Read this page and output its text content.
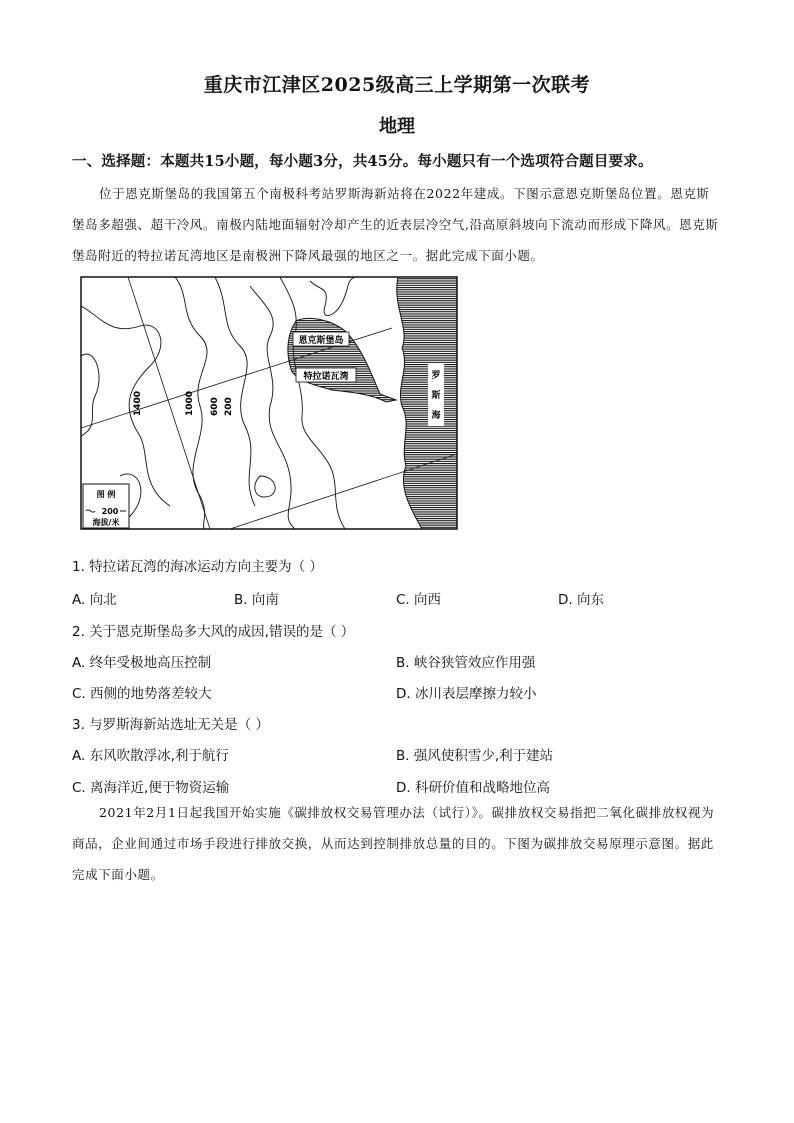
重庆市江津区2025级高三上学期第一次联考
地理
一、选择题：本题共15小题，每小题3分，共45分。每小题只有一个选项符合题目要求。
位于恩克斯堡岛的我国第五个南极科考站罗斯海新站将在2022年建成。下图示意恩克斯堡岛位置。恩克斯堡岛多超强、超干冷风。南极内陆地面辐射冷却产生的近表层冷空气,沿高原斜坡向下流动而形成下降风。恩克斯堡岛附近的特拉诺瓦湾地区是南极洲下降风最强的地区之一。据此完成下面小题。
恩克斯堡岛
特拉诺瓦湾	罗
斯
海
1400	1000 600 200
图 例
200
海拔/米
1. 特拉诺瓦湾的海冰运动方向主要为（ ）
A. 向北	B. 向南	C. 向西	D. 向东
2. 关于恩克斯堡岛多大风的成因,错误的是（ ）
A. 终年受极地高压控制	B. 峡谷狭管效应作用强
C. 西侧的地势落差较大	D. 冰川表层摩擦力较小
3. 与罗斯海新站选址无关是（ ）
A. 东风吹散浮冰,利于航行	B. 强风使积雪少,利于建站
C. 离海洋近,便于物资运输	D. 科研价值和战略地位高
2021年2月1日起我国开始实施《碳排放权交易管理办法（试行）》。碳排放权交易指把二氧化碳排放权视为商品，企业间通过市场手段进行排放交换，从而达到控制排放总量的目的。下图为碳排放交易原理示意图。据此完成下面小题。
